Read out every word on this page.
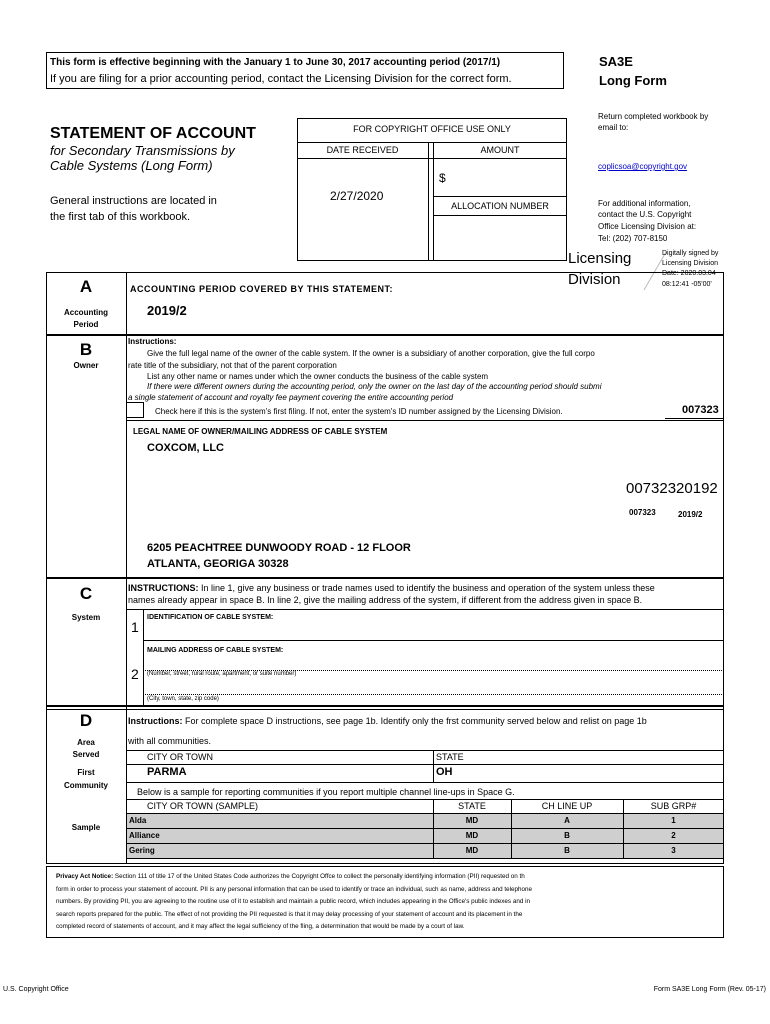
This form is effective beginning with the January 1 to June 30, 2017 accounting period (2017/1)
If you are filing for a prior accounting period, contact the Licensing Division for the correct form.
SA3E
Long Form
Return completed workbook by
email to:
coplicsoa@copyright.gov
For additional information,
contact the U.S. Copyright
Office Licensing Division at:
Tel: (202) 707-8150
STATEMENT OF ACCOUNT
for Secondary Transmissions by
Cable Systems (Long Form)
General instructions are located in
the first tab of this workbook.
FOR COPYRIGHT OFFICE USE ONLY
DATE RECEIVED	AMOUNT
2/27/2020
$
ALLOCATION NUMBER
Licensing
Division
Digitally signed by
Licensing Division
Date: 2020.03.04
08:12:41 -05'00'
A
Accounting
Period
ACCOUNTING PERIOD COVERED BY THIS STATEMENT:
2019/2
B
Owner
Instructions:
Give the full legal name of the owner of the cable system. If the owner is a subsidiary of another corporation, give the full corpo
rate title of the subsidiary, not that of the parent corporation
List any other name or names under which the owner conducts the business of the cable system
If there were different owners during the accounting period, only the owner on the last day of the accounting period should submi
a single statement of account and royalty fee payment covering the entire accounting period
Check here if this is the system's first filing. If not, enter the system's ID number assigned by the Licensing Division.	007323
LEGAL NAME OF OWNER/MAILING ADDRESS OF CABLE SYSTEM
COXCOM, LLC
00732320192
007323	2019/2
6205 PEACHTREE DUNWOODY ROAD - 12 FLOOR
ATLANTA, GEORIGA 30328
C
System
INSTRUCTIONS: In line 1, give any business or trade names used to identify the business and operation of the system unless these
names already appear in space B. In line 2, give the mailing address of the system, if different from the address given in space B.
1
IDENTIFICATION OF CABLE SYSTEM:
MAILING ADDRESS OF CABLE SYSTEM:
2 (Number, street, rural route, apartment, or suite number)
(City, town, state, zip code)
D
Area
Served
First
Community
Sample
Instructions: For complete space D instructions, see page 1b. Identify only the frst community served below and relist on page 1b
with all communities.
CITY OR TOWN	STATE
PARMA	OH
Below is a sample for reporting communities if you report multiple channel line-ups in Space G.
CITY OR TOWN (SAMPLE)	STATE	CH LINE UP	SUB GRP#
Alda	MD	A	1
Alliance	MD	B	2
Gering	MD	B	3
Privacy Act Notice: Section 111 of title 17 of the United States Code authorizes the Copyright Offce to collect the personally identifying information (PII) requested on th
form in order to process your statement of account. PII is any personal information that can be used to identify or trace an individual, such as name, address and telephone
numbers. By providing PII, you are agreeing to the routine use of it to establish and maintain a public record, which includes appearing in the Office's public indexes and in
search reports prepared for the public. The effect of not providing the PII requested is that it may delay processing of your statement of account and its placement in the
completed record of statements of account, and it may affect the legal sufficiency of the fling, a determination that would be made by a court of law.
U.S. Copyright Office	Form SA3E Long Form (Rev. 05-17)
